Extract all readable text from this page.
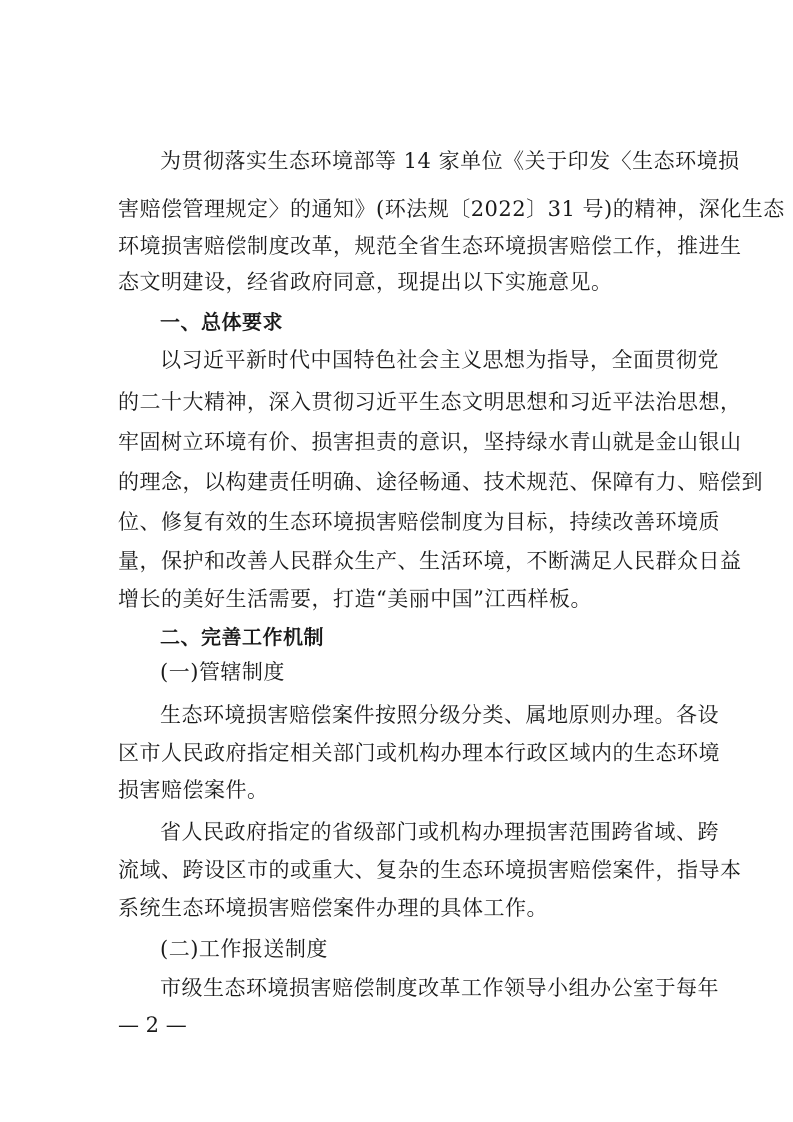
为贯彻落实生态环境部等 14 家单位《关于印发〈生态环境损
害赔偿管理规定〉的通知》(环法规〔2022〕31 号)的精神，深化生态
环境损害赔偿制度改革，规范全省生态环境损害赔偿工作，推进生
态文明建设，经省政府同意，现提出以下实施意见。
一、总体要求
以习近平新时代中国特色社会主义思想为指导，全面贯彻党
的二十大精神，深入贯彻习近平生态文明思想和习近平法治思想，
牢固树立环境有价、损害担责的意识，坚持绿水青山就是金山银山
的理念，以构建责任明确、途径畅通、技术规范、保障有力、赔偿到
位、修复有效的生态环境损害赔偿制度为目标，持续改善环境质
量，保护和改善人民群众生产、生活环境，不断满足人民群众日益
增长的美好生活需要，打造“美丽中国”江西样板。
二、完善工作机制
(一)管辖制度
生态环境损害赔偿案件按照分级分类、属地原则办理。各设
区市人民政府指定相关部门或机构办理本行政区域内的生态环境
损害赔偿案件。
省人民政府指定的省级部门或机构办理损害范围跨省域、跨
流域、跨设区市的或重大、复杂的生态环境损害赔偿案件，指导本
系统生态环境损害赔偿案件办理的具体工作。
(二)工作报送制度
市级生态环境损害赔偿制度改革工作领导小组办公室于每年
— 2 —
